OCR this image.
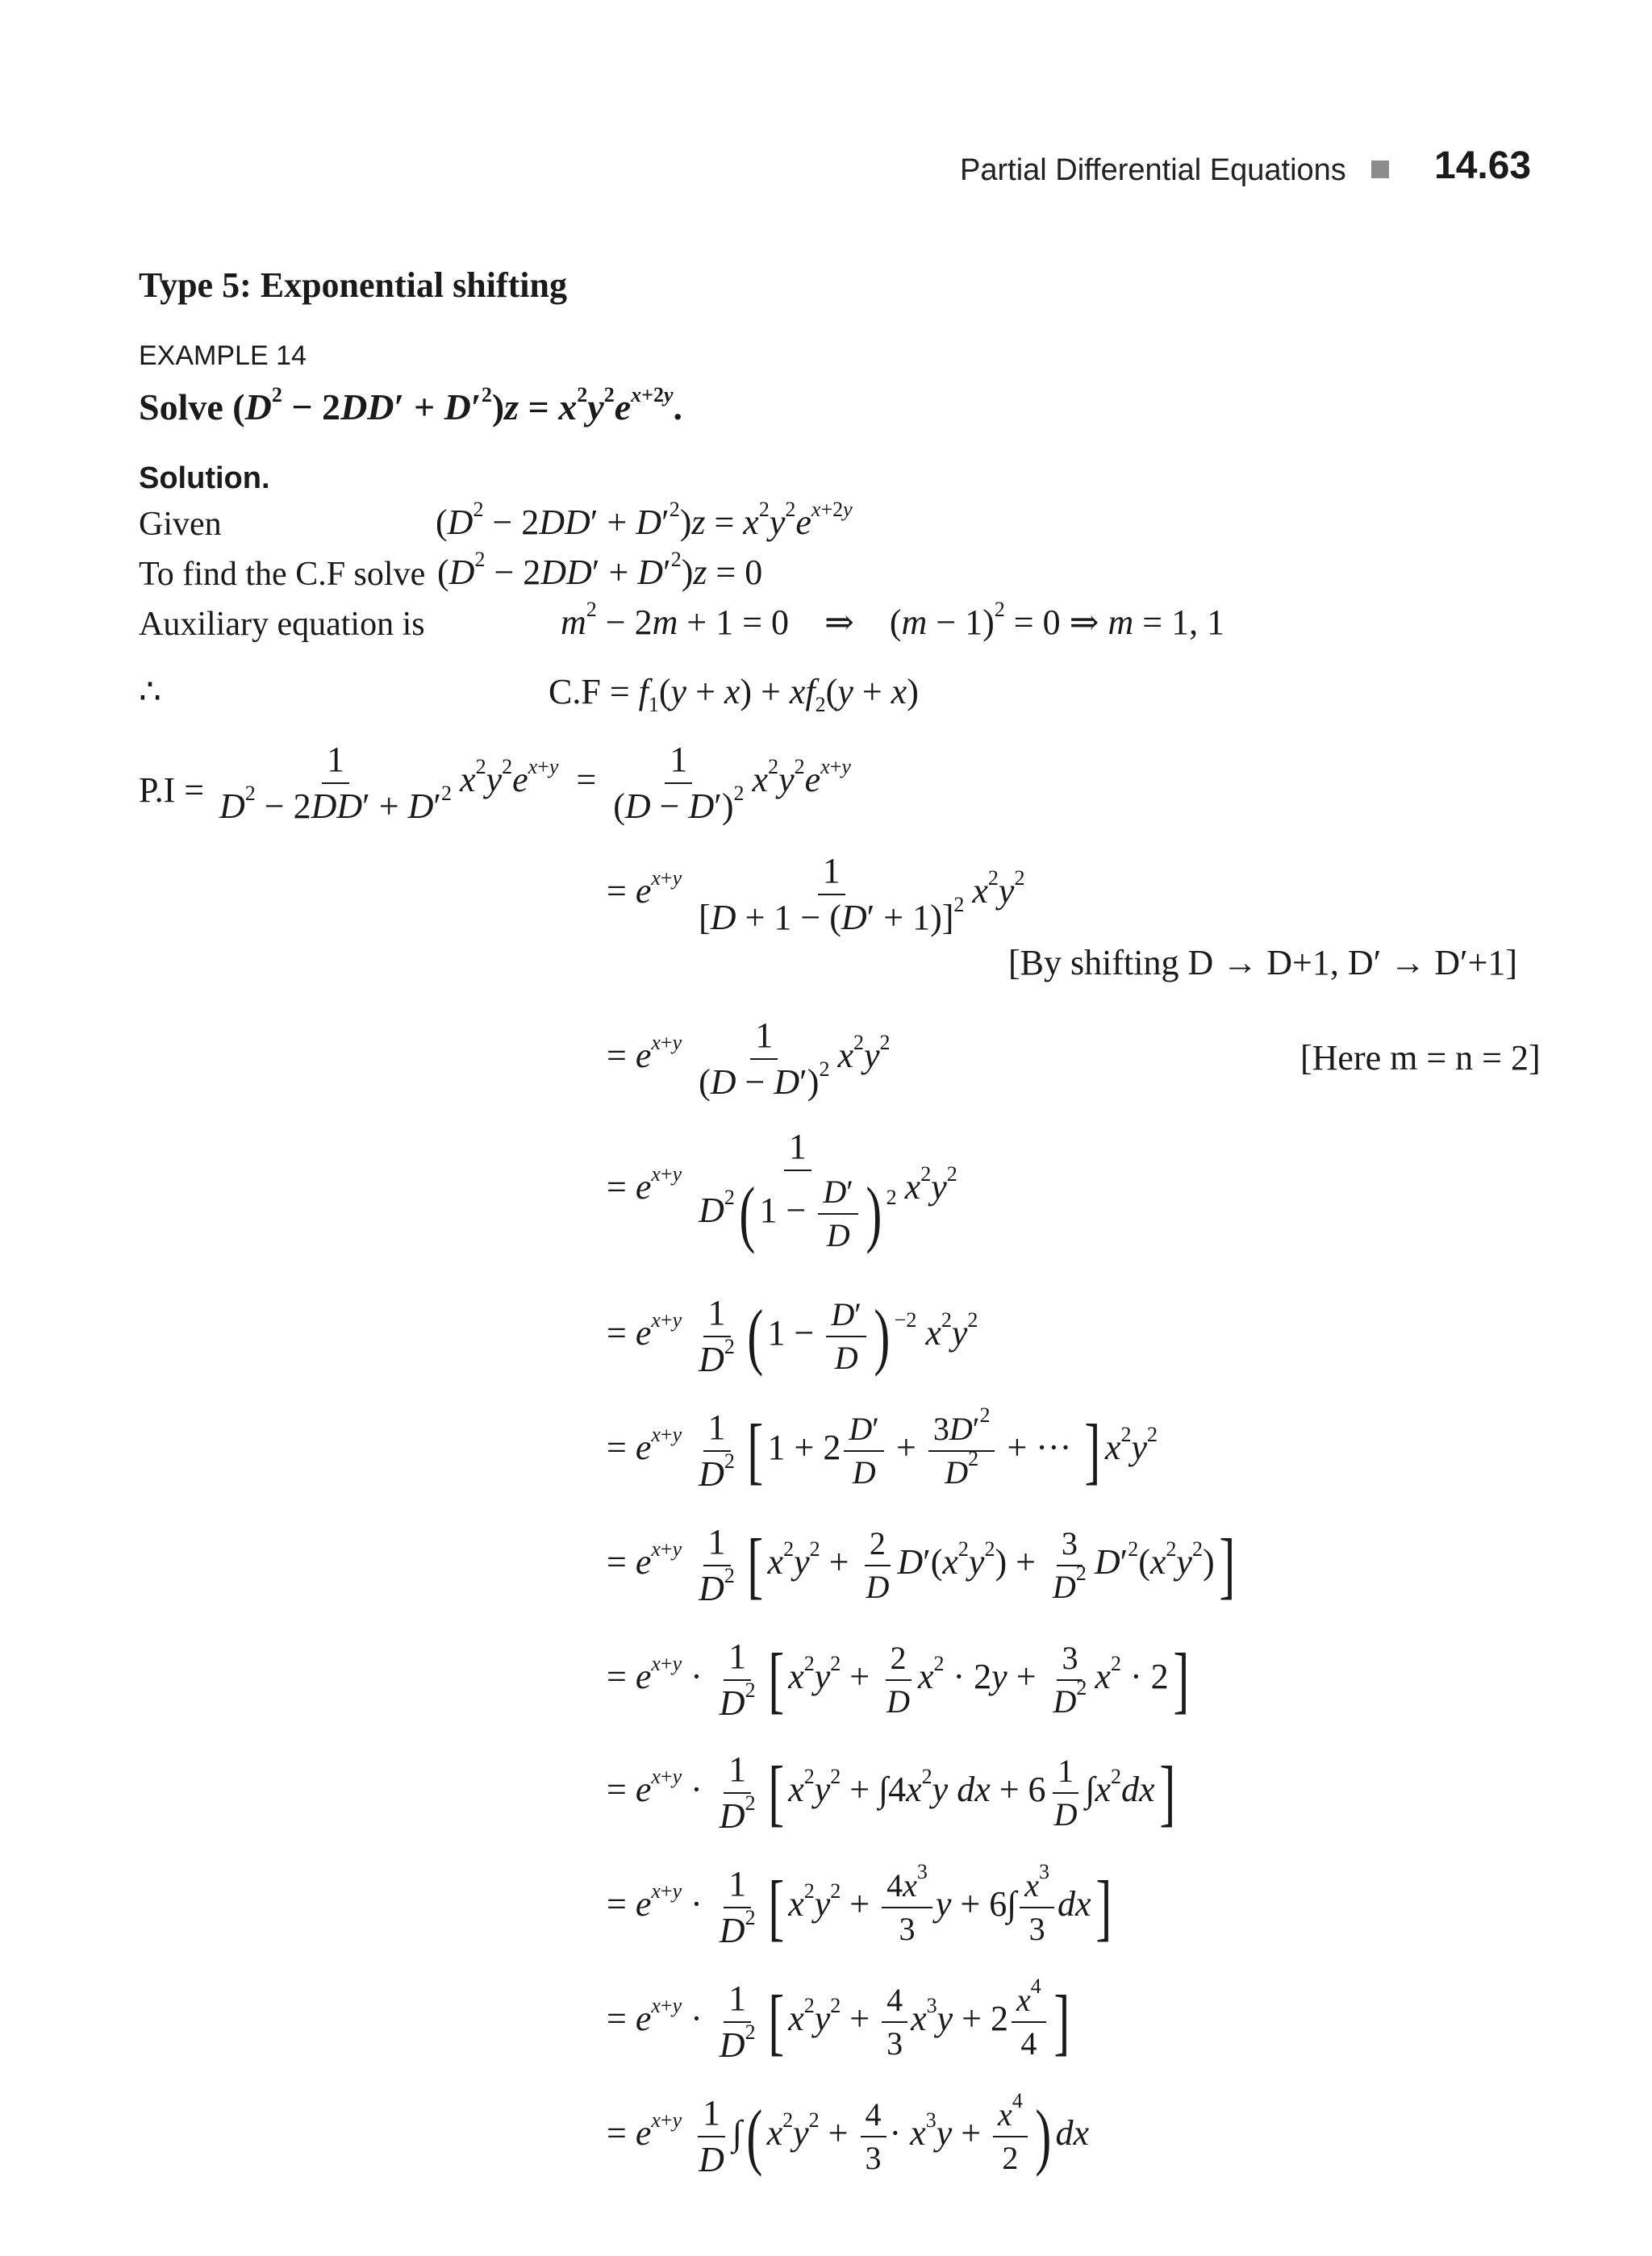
Partial Differential Equations 14.63
Type 5: Exponential shifting
EXAMPLE 14
Solve $(D^2 - 2DD' + D'^2)z = x^2y^2e^{x+2y}$.
Solution.
Given	$(D^2 - 2DD' + D'^2)z = x^2y^2e^{x+2y}$
To find the C.F solve $(D^2 - 2DD' + D'^2)z = 0$
Auxiliary equation is	$m^2 - 2m + 1 = 0$    ⇒    $(m - 1)^2 = 0$ ⇒ m = 1, 1
∴	$C.F = f_1(y + x) + xf_2(y + x)$
$P.I = \frac{1}{D^2 - 2DD' + D'^2} x^2y^2e^{x+y} = \frac{1}{(D - D')^2} x^2y^2e^{x+y}$
= $e^{x+y} \frac{1}{[D + 1 - (D' + 1)]^2} x^2y^2$
[By shifting D → D+1, D′ → D′+1]
= $e^{x+y} \frac{1}{(D - D')^2} x^2y^2$	[Here m = n = 2]
= $e^{x+y} \frac{1}{D^2( 1 - \frac{D'}{D} ) ^2} x^2y^2$
= $e^{x+y} \frac{1}{D^2}$ ( $1 - \frac{D'}{D}$ ) $^{-2}$ $x^2y^2$
= $e^{x+y} \frac{1}{D^2}$ [ $1 + 2 \frac{D'}{D} + \frac{3D'^2}{D^2}$ + ··· ] $x^2y^2$
= $e^{x+y} \frac{1}{D^2}$ [ $x^2y^2 + \frac{2}{D} D'(x^2y^2) + \frac{3}{D^2} D'^2(x^2y^2)$]
= $e^{x+y} \cdot \frac{1}{D^2}$ [ $x^2y^2 + \frac{2}{D} x^2 \cdot 2y + \frac{3}{D^2} x^2 \cdot 2$]
= $e^{x+y} \cdot \frac{1}{D^2}$ [ $x^2y^2 + \int 4x^2y$ dx + $6 \frac{1}{D} \int x^2dx$]
= $e^{x+y} \cdot \frac{1}{D^2}$ [ $x^2y^2 + \frac{4x^3}{3}$ $y + 6\int \frac{x^3}{3} dx$]
= $e^{x+y} \cdot \frac{1}{D^2}$ [ $x^2y^2 + \frac{4}{3} x^3y + 2 \frac{x^4}{4}$ ]
= $e^{x+y} \frac{1}{D}$ ∫( $x^2y^2 + \frac{4}{3} \cdot x^3y + \frac{x^4}{2}$ ) dx
